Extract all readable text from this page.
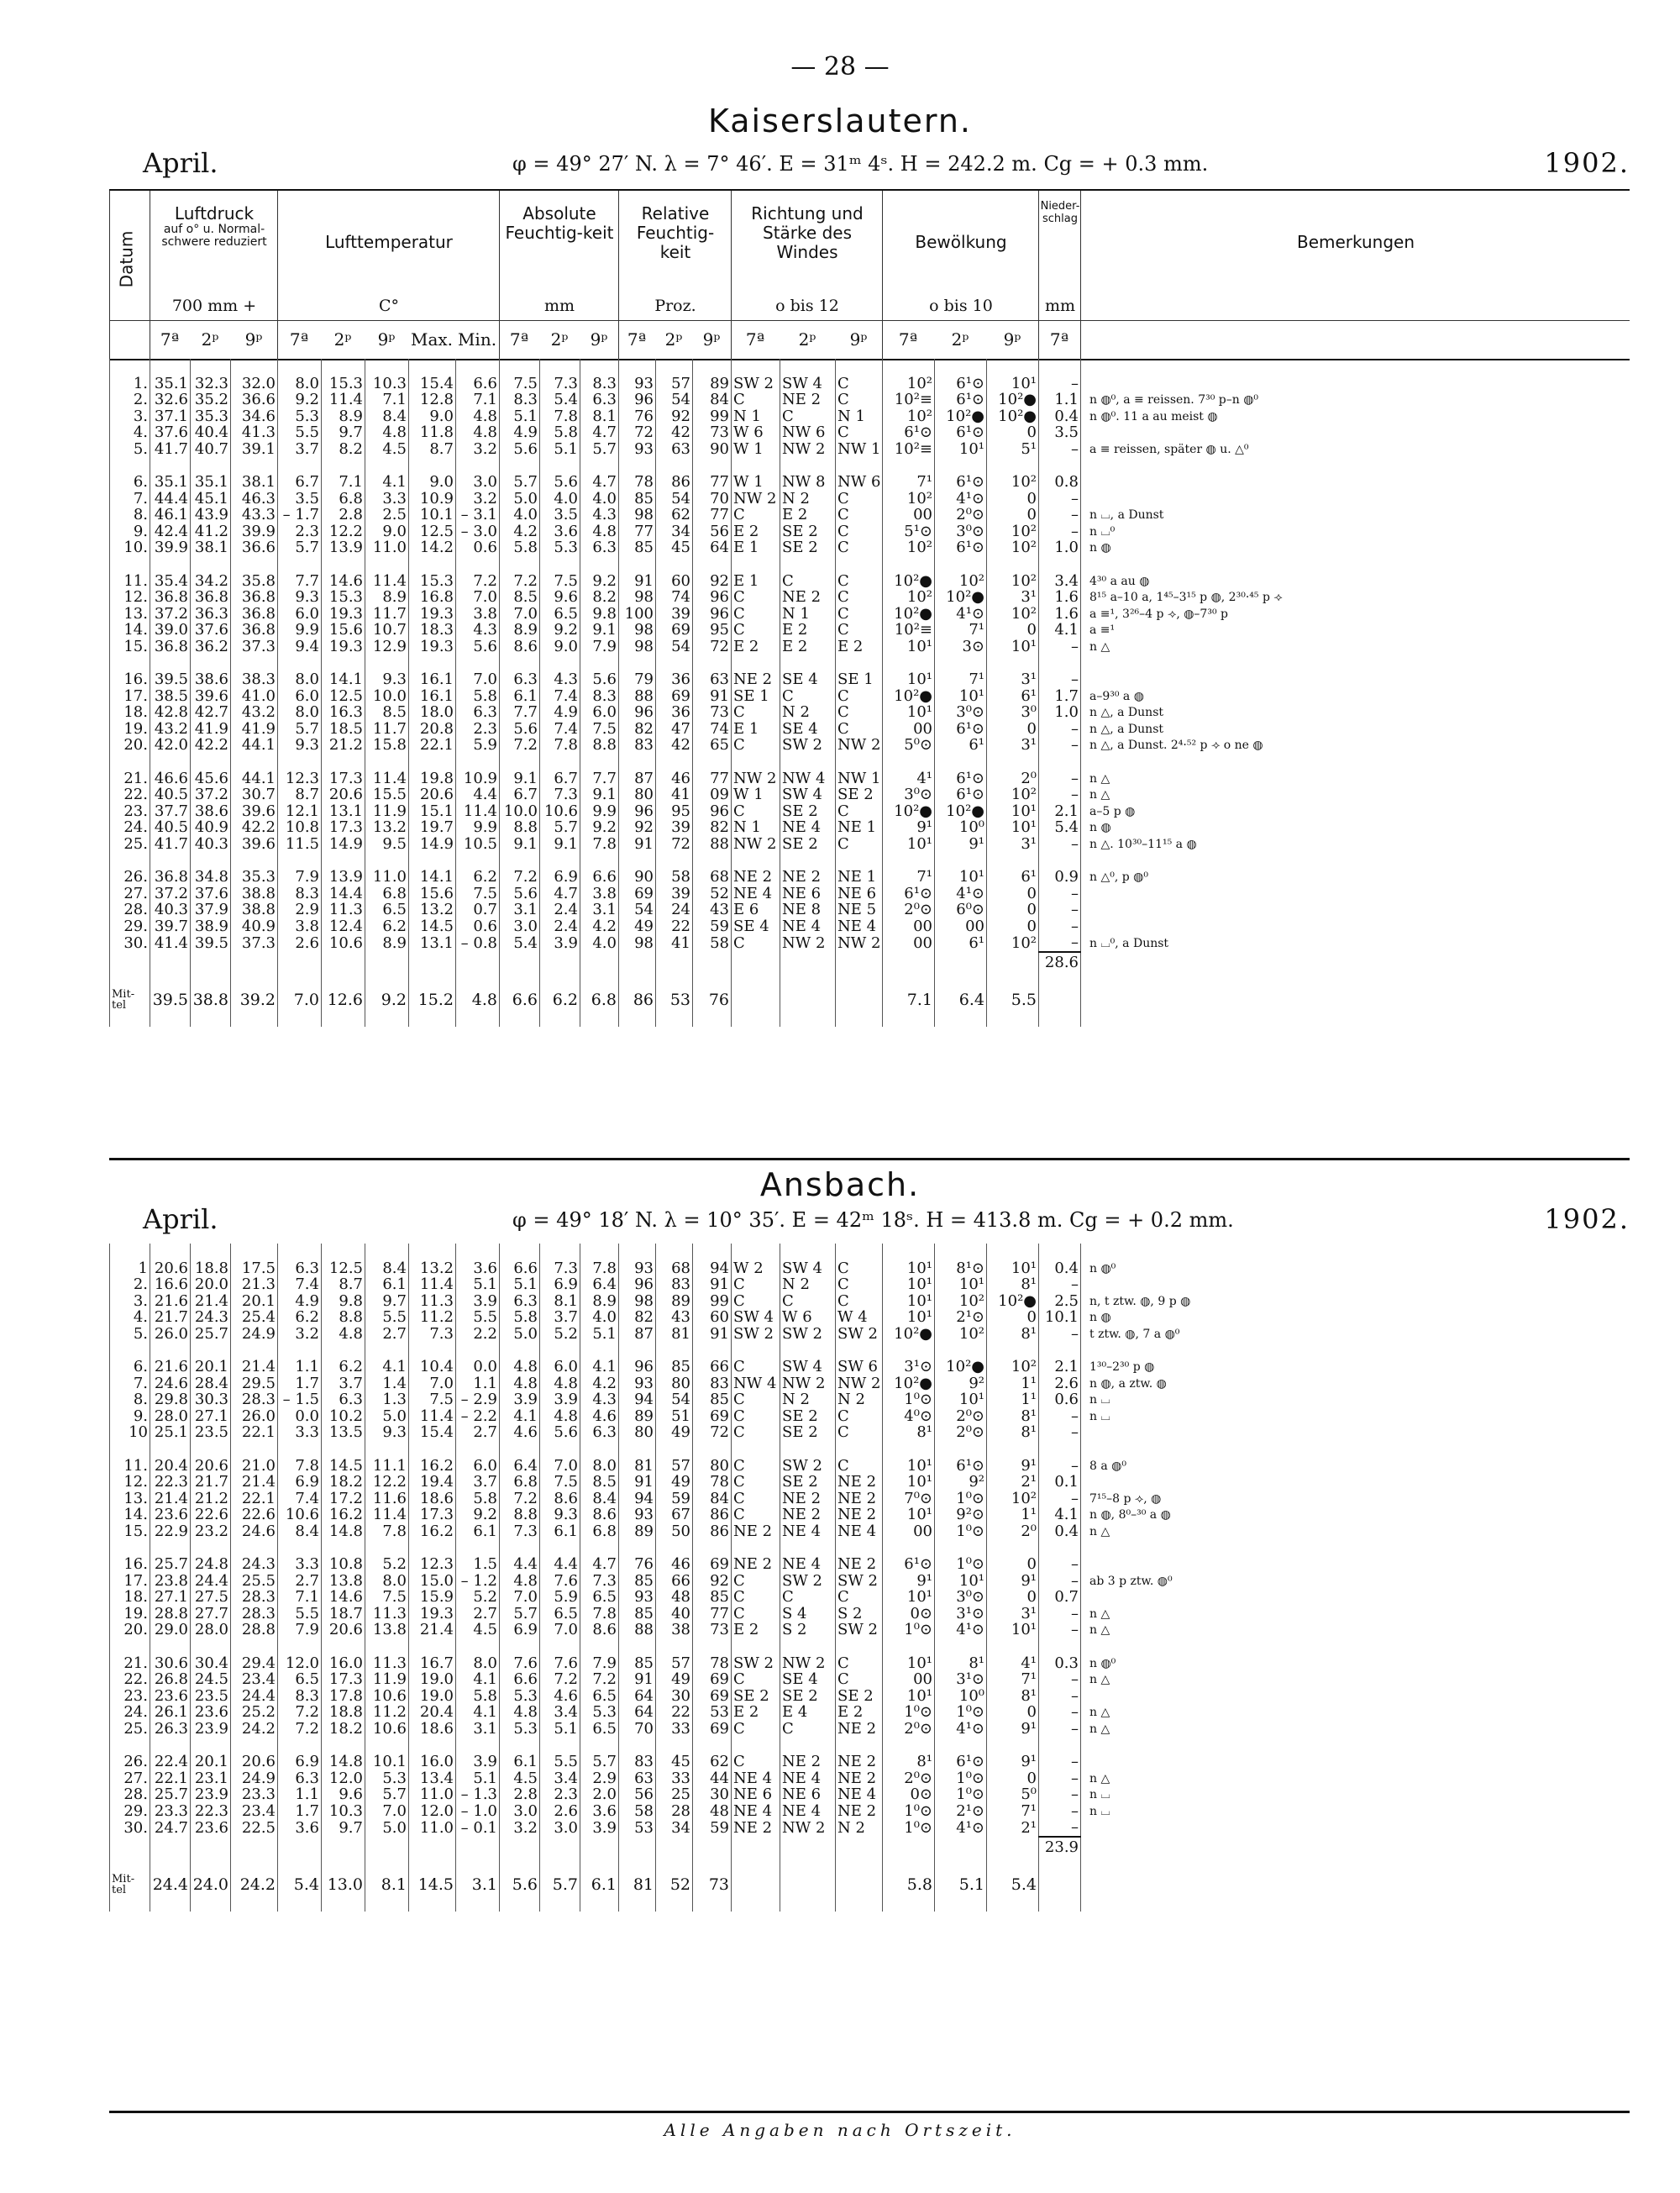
— 28 —
Kaiserslautern.
April.	φ = 49° 27′ N. λ = 7° 46′. E = 31ᵐ 4ˢ. H = 242.2 m. Cg = + 0.3 mm.	1902.
Datum
Luftdruck
auf o° u. Normal-schwere reduziert
700 mm +
Lufttemperatur
C°
Absolute Feuchtig-keit
mm
Relative Feuchtig-keit
Proz.
Richtung und Stärke des Windes
o bis 12
Bewölkung
o bis 10
Nieder-schlag
mm
Bemerkungen
7ª	2ᵖ	9ᵖ	7ª	2ᵖ	9ᵖ Max. Min. 7ª	2ᵖ	9ᵖ	7ª	2ᵖ	9ᵖ	7ª	2ᵖ	9ᵖ	7ª	2ᵖ	9ᵖ	7ª

1.	35.1	32.3	32.0	8.0	15.3	10.3	15.4	6.6	7.5	7.3	8.3	93	57	89	SW 2	SW 4	C	10²	6¹⊙	10¹	–	
2.	32.6	35.2	36.6	9.2	11.4	7.1	12.8	7.1	8.3	5.4	6.3	96	54	84	C	NE 2	C	10²≡	6¹⊙	10²●	1.1	n ◍⁰, a ≡ reissen. 7³⁰ p–n ◍⁰
3.	37.1	35.3	34.6	5.3	8.9	8.4	9.0	4.8	5.1	7.8	8.1	76	92	99	N 1	C	N 1	10²	10²●	10²●	0.4	n ◍⁰. 11 a au meist ◍
4.	37.6	40.4	41.3	5.5	9.7	4.8	11.8	4.8	4.9	5.8	4.7	72	42	73	W 6	NW 6	C	6¹⊙	6¹⊙	0	3.5	
5.	41.7	40.7	39.1	3.7	8.2	4.5	8.7	3.2	5.6	5.1	5.7	93	63	90	W 1	NW 2	NW 1	10²≡	10¹	5¹	–	a ≡ reissen, später ◍ u. △⁰

6.	35.1	35.1	38.1	6.7	7.1	4.1	9.0	3.0	5.7	5.6	4.7	78	86	77	W 1	NW 8	NW 6	7¹	6¹⊙	10²	0.8	
7.	44.4	45.1	46.3	3.5	6.8	3.3	10.9	3.2	5.0	4.0	4.0	85	54	70	NW 2	N 2	C	10²	4¹⊙	0	–	
8.	46.1	43.9	43.3	– 1.7	2.8	2.5	10.1	– 3.1	4.0	3.5	4.3	98	62	77	C	E 2	C	00	2⁰⊙	0	–	n ⌴, a Dunst
9.	42.4	41.2	39.9	2.3	12.2	9.0	12.5	– 3.0	4.2	3.6	4.8	77	34	56	E 2	SE 2	C	5¹⊙	3⁰⊙	10²	–	n ⌴⁰
10.	39.9	38.1	36.6	5.7	13.9	11.0	14.2	0.6	5.8	5.3	6.3	85	45	64	E 1	SE 2	C	10²	6¹⊙	10²	1.0	n ◍

11.	35.4	34.2	35.8	7.7	14.6	11.4	15.3	7.2	7.2	7.5	9.2	91	60	92	E 1	C	C	10²●	10²	10²	3.4	4³⁰ a au ◍
12.	36.8	36.8	36.8	9.3	15.3	8.9	16.8	7.0	8.5	9.6	8.2	98	74	96	C	NE 2	C	10²	10²●	3¹	1.6	8¹⁵ a–10 a, 1⁴⁵–3¹⁵ p ◍, 2³⁰·⁴⁵ p ⟢
13.	37.2	36.3	36.8	6.0	19.3	11.7	19.3	3.8	7.0	6.5	9.8	100	39	96	C	N 1	C	10²●	4¹⊙	10²	1.6	a ≡¹, 3²⁶–4 p ⟢, ◍–7³⁰ p
14.	39.0	37.6	36.8	9.9	15.6	10.7	18.3	4.3	8.9	9.2	9.1	98	69	95	C	E 2	C	10²≡	7¹	0	4.1	a ≡¹
15.	36.8	36.2	37.3	9.4	19.3	12.9	19.3	5.6	8.6	9.0	7.9	98	54	72	E 2	E 2	E 2	10¹	3⊙	10¹	–	n △

16.	39.5	38.6	38.3	8.0	14.1	9.3	16.1	7.0	6.3	4.3	5.6	79	36	63	NE 2	SE 4	SE 1	10¹	7¹	3¹	–	
17.	38.5	39.6	41.0	6.0	12.5	10.0	16.1	5.8	6.1	7.4	8.3	88	69	91	SE 1	C	C	10²●	10¹	6¹	1.7	a–9³⁰ a ◍
18.	42.8	42.7	43.2	8.0	16.3	8.5	18.0	6.3	7.7	4.9	6.0	96	36	73	C	N 2	C	10¹	3⁰⊙	3⁰	1.0	n △, a Dunst
19.	43.2	41.9	41.9	5.7	18.5	11.7	20.8	2.3	5.6	7.4	7.5	82	47	74	E 1	SE 4	C	00	6¹⊙	0	–	n △, a Dunst
20.	42.0	42.2	44.1	9.3	21.2	15.8	22.1	5.9	7.2	7.8	8.8	83	42	65	C	SW 2	NW 2	5⁰⊙	6¹	3¹	–	n △, a Dunst. 2⁴·⁵² p ⟢ o ne ◍

21.	46.6	45.6	44.1	12.3	17.3	11.4	19.8	10.9	9.1	6.7	7.7	87	46	77	NW 2	NW 4	NW 1	4¹	6¹⊙	2⁰	–	n △
22.	40.5	37.2	30.7	8.7	20.6	15.5	20.6	4.4	6.7	7.3	9.1	80	41	09	W 1	SW 4	SE 2	3⁰⊙	6¹⊙	10²	–	n △
23.	37.7	38.6	39.6	12.1	13.1	11.9	15.1	11.4	10.0	10.6	9.9	96	95	96	C	SE 2	C	10²●	10²●	10¹	2.1	a–5 p ◍
24.	40.5	40.9	42.2	10.8	17.3	13.2	19.7	9.9	8.8	5.7	9.2	92	39	82	N 1	NE 4	NE 1	9¹	10⁰	10¹	5.4	n ◍
25.	41.7	40.3	39.6	11.5	14.9	9.5	14.9	10.5	9.1	9.1	7.8	91	72	88	NW 2	SE 2	C	10¹	9¹	3¹	–	n △. 10³⁰–11¹⁵ a ◍

26.	36.8	34.8	35.3	7.9	13.9	11.0	14.1	6.2	7.2	6.9	6.6	90	58	68	NE 2	NE 2	NE 1	7¹	10¹	6¹	0.9	n △⁰, p ◍⁰
27.	37.2	37.6	38.8	8.3	14.4	6.8	15.6	7.5	5.6	4.7	3.8	69	39	52	NE 4	NE 6	NE 6	6¹⊙	4¹⊙	0	–	
28.	40.3	37.9	38.8	2.9	11.3	6.5	13.2	0.7	3.1	2.4	3.1	54	24	43	E 6	NE 8	NE 5	2⁰⊙	6⁰⊙	0	–	
29.	39.7	38.9	40.9	3.8	12.4	6.2	14.5	0.6	3.0	2.4	4.2	49	22	59	SE 4	NE 4	NE 4	00	00	0	–	
30.	41.4	39.5	37.3	2.6	10.6	8.9	13.1	– 0.8	5.4	3.9	4.0	98	41	58	C	NW 2	NW 2	00	6¹	10²	–	n ⌴⁰, a Dunst
																					28.6	
Mit-tel	39.5	38.8	39.2	7.0	12.6	9.2	15.2	4.8	6.6	6.2	6.8	86	53	76				7.1	6.4	5.5		
Ansbach.
April.	φ = 49° 18′ N. λ = 10° 35′. E = 42ᵐ 18ˢ. H = 413.8 m. Cg = + 0.2 mm.	1902.

1	20.6	18.8	17.5	6.3	12.5	8.4	13.2	3.6	6.6	7.3	7.8	93	68	94	W 2	SW 4	C	10¹	8¹⊙	10¹	0.4	n ◍⁰
2.	16.6	20.0	21.3	7.4	8.7	6.1	11.4	5.1	5.1	6.9	6.4	96	83	91	C	N 2	C	10¹	10¹	8¹	–	
3.	21.6	21.4	20.1	4.9	9.8	9.7	11.3	3.9	6.3	8.1	8.9	98	89	99	C	C	C	10¹	10²	10²●	2.5	n, t ztw. ◍, 9 p ◍
4.	21.7	24.3	25.4	6.2	8.8	5.5	11.2	5.5	5.8	3.7	4.0	82	43	60	SW 4	W 6	W 4	10¹	2¹⊙	0	10.1	n ◍
5.	26.0	25.7	24.9	3.2	4.8	2.7	7.3	2.2	5.0	5.2	5.1	87	81	91	SW 2	SW 2	SW 2	10²●	10²	8¹	–	t ztw. ◍, 7 a ◍⁰

6.	21.6	20.1	21.4	1.1	6.2	4.1	10.4	0.0	4.8	6.0	4.1	96	85	66	C	SW 4	SW 6	3¹⊙	10²●	10²	2.1	1³⁰–2³⁰ p ◍
7.	24.6	28.4	29.5	1.7	3.7	1.4	7.0	1.1	4.8	4.8	4.2	93	80	83	NW 4	NW 2	NW 2	10²●	9²	1¹	2.6	n ◍, a ztw. ◍
8.	29.8	30.3	28.3	– 1.5	6.3	1.3	7.5	– 2.9	3.9	3.9	4.3	94	54	85	C	N 2	N 2	1⁰⊙	10¹	1¹	0.6	n ⌴
9.	28.0	27.1	26.0	0.0	10.2	5.0	11.4	– 2.2	4.1	4.8	4.6	89	51	69	C	SE 2	C	4⁰⊙	2⁰⊙	8¹	–	n ⌴
10	25.1	23.5	22.1	3.3	13.5	9.3	15.4	2.7	4.6	5.6	6.3	80	49	72	C	SE 2	C	8¹	2⁰⊙	8¹	–	

11.	20.4	20.6	21.0	7.8	14.5	11.1	16.2	6.0	6.4	7.0	8.0	81	57	80	C	SW 2	C	10¹	6¹⊙	9¹	–	8 a ◍⁰
12.	22.3	21.7	21.4	6.9	18.2	12.2	19.4	3.7	6.8	7.5	8.5	91	49	78	C	SE 2	NE 2	10¹	9²	2¹	0.1	
13.	21.4	21.2	22.1	7.4	17.2	11.6	18.6	5.8	7.2	8.6	8.4	94	59	84	C	NE 2	NE 2	7⁰⊙	1⁰⊙	10²	–	7¹⁵–8 p ⟢, ◍
14.	23.6	22.6	22.6	10.6	16.2	11.4	17.3	9.2	8.8	9.3	8.6	93	67	86	C	NE 2	NE 2	10¹	9²⊙	1¹	4.1	n ◍, 8⁰–³⁰ a ◍
15.	22.9	23.2	24.6	8.4	14.8	7.8	16.2	6.1	7.3	6.1	6.8	89	50	86	NE 2	NE 4	NE 4	00	1⁰⊙	2⁰	0.4	n △

16.	25.7	24.8	24.3	3.3	10.8	5.2	12.3	1.5	4.4	4.4	4.7	76	46	69	NE 2	NE 4	NE 2	6¹⊙	1⁰⊙	0	–	
17.	23.8	24.4	25.5	2.7	13.8	8.0	15.0	– 1.2	4.8	7.6	7.3	85	66	92	C	SW 2	SW 2	9¹	10¹	9¹	–	ab 3 p ztw. ◍⁰
18.	27.1	27.5	28.3	7.1	14.6	7.5	15.9	5.2	7.0	5.9	6.5	93	48	85	C	C	C	10¹	3⁰⊙	0	0.7	
19.	28.8	27.7	28.3	5.5	18.7	11.3	19.3	2.7	5.7	6.5	7.8	85	40	77	C	S 4	S 2	0⊙	3¹⊙	3¹	–	n △
20.	29.0	28.0	28.8	7.9	20.6	13.8	21.4	4.5	6.9	7.0	8.6	88	38	73	E 2	S 2	SW 2	1⁰⊙	4¹⊙	10¹	–	n △

21.	30.6	30.4	29.4	12.0	16.0	11.3	16.7	8.0	7.6	7.6	7.9	85	57	78	SW 2	NW 2	C	10¹	8¹	4¹	0.3	n ◍⁰
22.	26.8	24.5	23.4	6.5	17.3	11.9	19.0	4.1	6.6	7.2	7.2	91	49	69	C	SE 4	C	00	3¹⊙	7¹	–	n △
23.	23.6	23.5	24.4	8.3	17.8	10.6	19.0	5.8	5.3	4.6	6.5	64	30	69	SE 2	SE 2	SE 2	10¹	10⁰	8¹	–	
24.	26.1	23.6	25.2	7.2	18.8	11.2	20.4	4.1	4.8	3.4	5.3	64	22	53	E 2	E 4	E 2	1⁰⊙	1⁰⊙	0	–	n △
25.	26.3	23.9	24.2	7.2	18.2	10.6	18.6	3.1	5.3	5.1	6.5	70	33	69	C	C	NE 2	2⁰⊙	4¹⊙	9¹	–	n △

26.	22.4	20.1	20.6	6.9	14.8	10.1	16.0	3.9	6.1	5.5	5.7	83	45	62	C	NE 2	NE 2	8¹	6¹⊙	9¹	–	
27.	22.1	23.1	24.9	6.3	12.0	5.3	13.4	5.1	4.5	3.4	2.9	63	33	44	NE 4	NE 4	NE 2	2⁰⊙	1⁰⊙	0	–	n △
28.	25.7	23.9	23.3	1.1	9.6	5.7	11.0	– 1.3	2.8	2.3	2.0	56	25	30	NE 6	NE 6	NE 4	0⊙	1⁰⊙	5⁰	–	n ⌴
29.	23.3	22.3	23.4	1.7	10.3	7.0	12.0	– 1.0	3.0	2.6	3.6	58	28	48	NE 4	NE 4	NE 2	1⁰⊙	2¹⊙	7¹	–	n ⌴
30.	24.7	23.6	22.5	3.6	9.7	5.0	11.0	– 0.1	3.2	3.0	3.9	53	34	59	NE 2	NW 2	N 2	1⁰⊙	4¹⊙	2¹	–	
																					23.9	
Mit-tel	24.4	24.0	24.2	5.4	13.0	8.1	14.5	3.1	5.6	5.7	6.1	81	52	73				5.8	5.1	5.4		
Alle Angaben nach Ortszeit.
